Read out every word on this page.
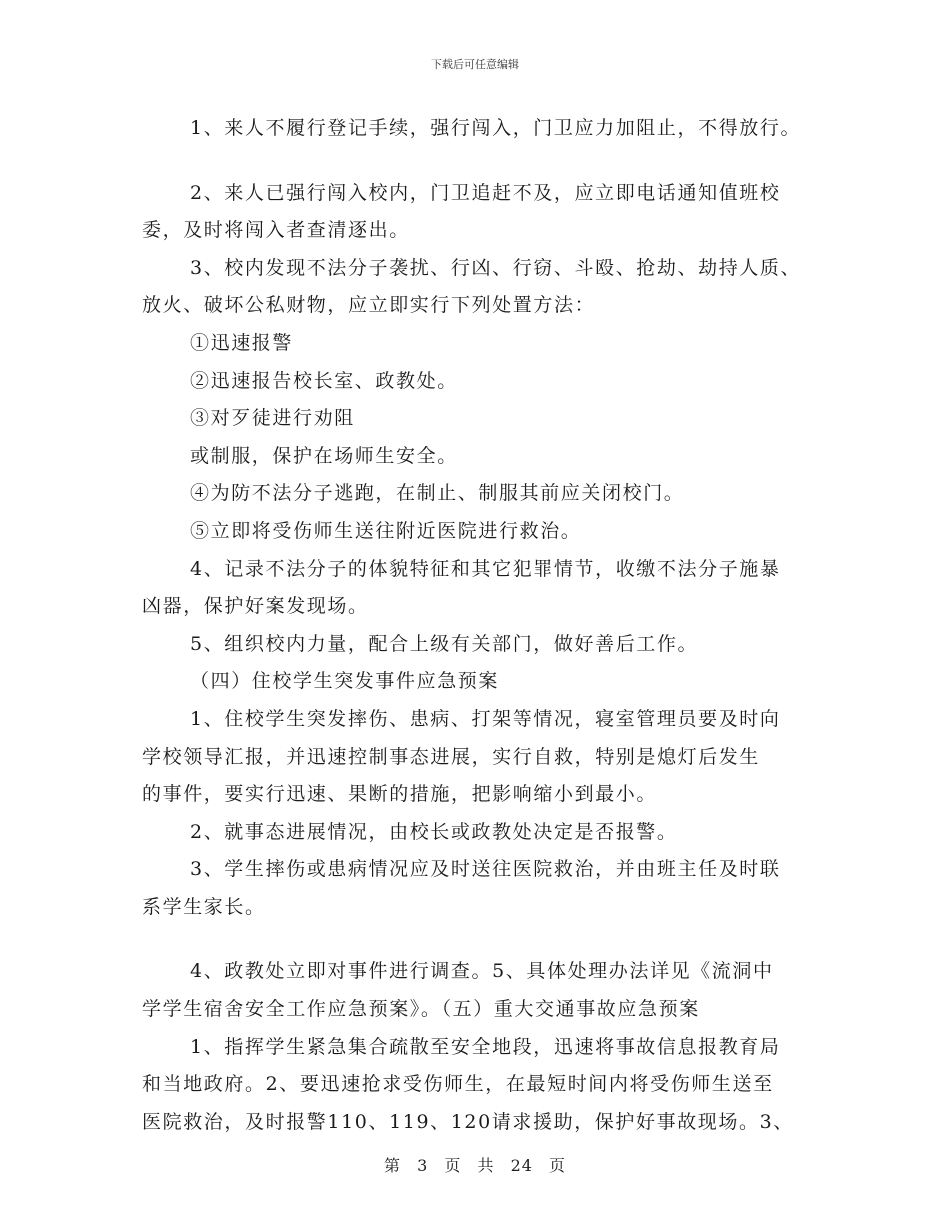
下载后可任意编辑
1、来人不履行登记手续，强行闯入，门卫应力加阻止，不得放行。
2、来人已强行闯入校内，门卫追赶不及，应立即电话通知值班校
委，及时将闯入者查清逐出。
3、校内发现不法分子袭扰、行凶、行窃、斗殴、抢劫、劫持人质、
放火、破坏公私财物，应立即实行下列处置方法：
①迅速报警
②迅速报告校长室、政教处。
③对歹徒进行劝阻
或制服，保护在场师生安全。
④为防不法分子逃跑，在制止、制服其前应关闭校门。
⑤立即将受伤师生送往附近医院进行救治。
4、记录不法分子的体貌特征和其它犯罪情节，收缴不法分子施暴
凶器，保护好案发现场。
5、组织校内力量，配合上级有关部门，做好善后工作。
（四）住校学生突发事件应急预案
1、住校学生突发摔伤、患病、打架等情况，寝室管理员要及时向
学校领导汇报，并迅速控制事态进展，实行自救，特别是熄灯后发生
的事件，要实行迅速、果断的措施，把影响缩小到最小。
2、就事态进展情况，由校长或政教处决定是否报警。
3、学生摔伤或患病情况应及时送往医院救治，并由班主任及时联
系学生家长。
4、政教处立即对事件进行调查。5、具体处理办法详见《流洞中
学学生宿舍安全工作应急预案》。（五）重大交通事故应急预案
1、指挥学生紧急集合疏散至安全地段，迅速将事故信息报教育局
和当地政府。2、要迅速抢求受伤师生，在最短时间内将受伤师生送至
医院救治，及时报警110、119、120请求援助，保护好事故现场。3、
第 3 页 共 24 页
